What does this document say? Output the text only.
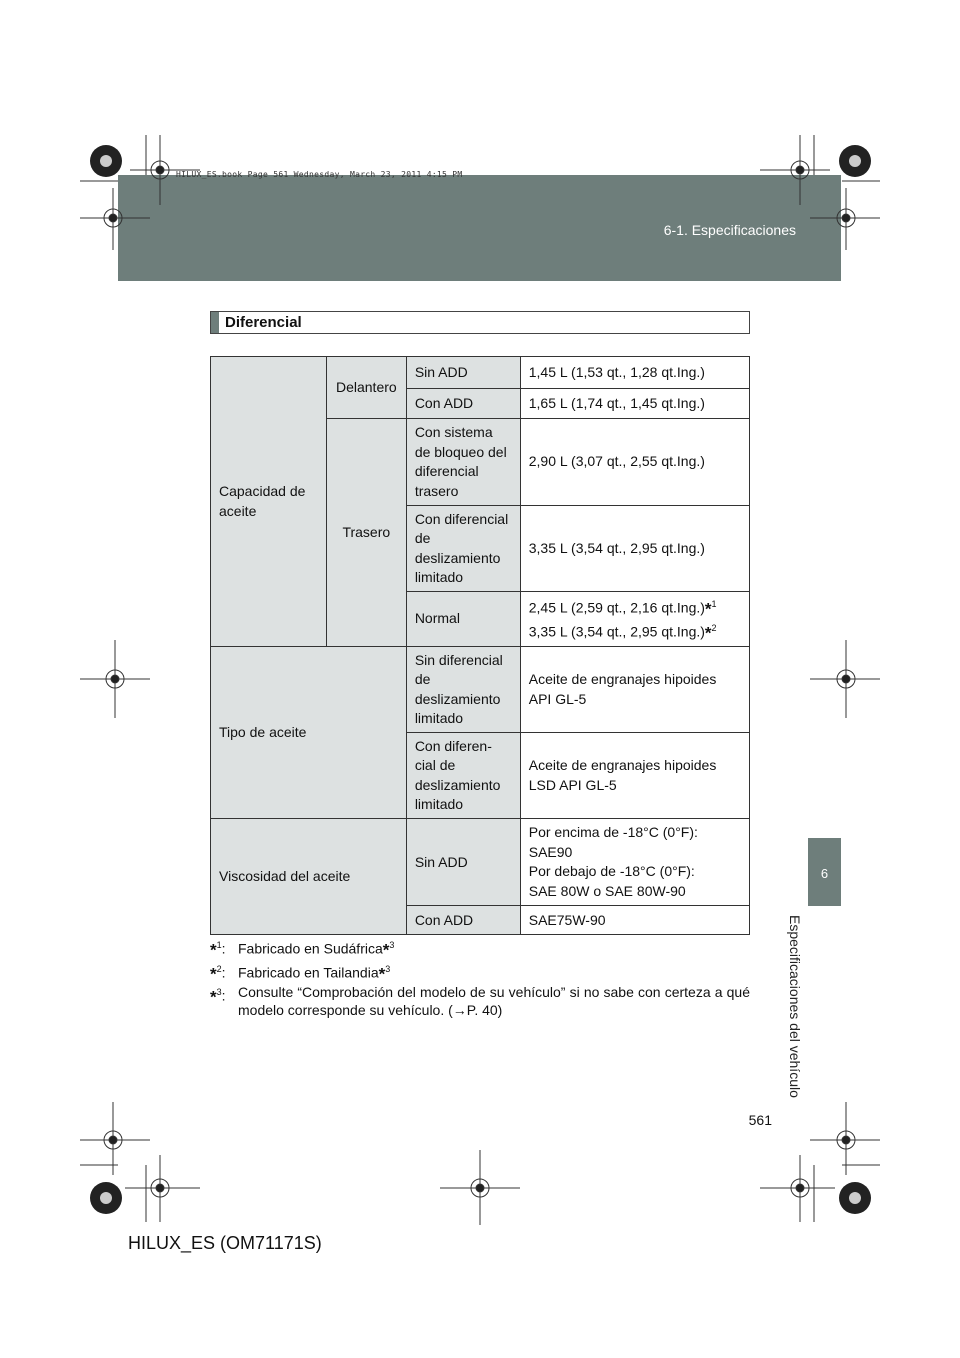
6-1. Especificaciones
HILUX_ES.book Page 561 Wednesday, March 23, 2011 4:15 PM
6
Especificaciones del vehículo
Diferencial
Capacidad de aceite	Delantero	Sin ADD	1,45 L (1,53 qt., 1,28 qt.Ing.)
		Con ADD	1,65 L (1,74 qt., 1,45 qt.Ing.)
	Trasero	Con sistema de bloqueo del diferencial trasero	2,90 L (3,07 qt., 2,55 qt.Ing.)
		Con diferencial de deslizamiento limitado	3,35 L (3,54 qt., 2,95 qt.Ing.)
		Normal	2,45 L (2,59 qt., 2,16 qt.Ing.)*$^1$
3,35 L (3,54 qt., 2,95 qt.Ing.)*$^2$
Tipo de aceite		Sin diferencial de deslizamiento limitado	Aceite de engranajes hipoides API GL-5
		Con diferen- cial de deslizamiento limitado	Aceite de engranajes hipoides LSD API GL-5
Viscosidad del aceite		Sin ADD	Por encima de -18°C (0°F):
SAE90
Por debajo de -18°C (0°F):
SAE 80W o SAE 80W-90
		Con ADD	SAE75W-90

*$^1$: Fabricado en Sudáfrica*$^3$

*$^2$: Fabricado en Tailandia*$^3$

*$^3$: Consulte “Comprobación del modelo de su vehículo” si no sabe con certeza a qué modelo corresponde su vehículo. (→P. 40)

561
HILUX_ES (OM71171S)
